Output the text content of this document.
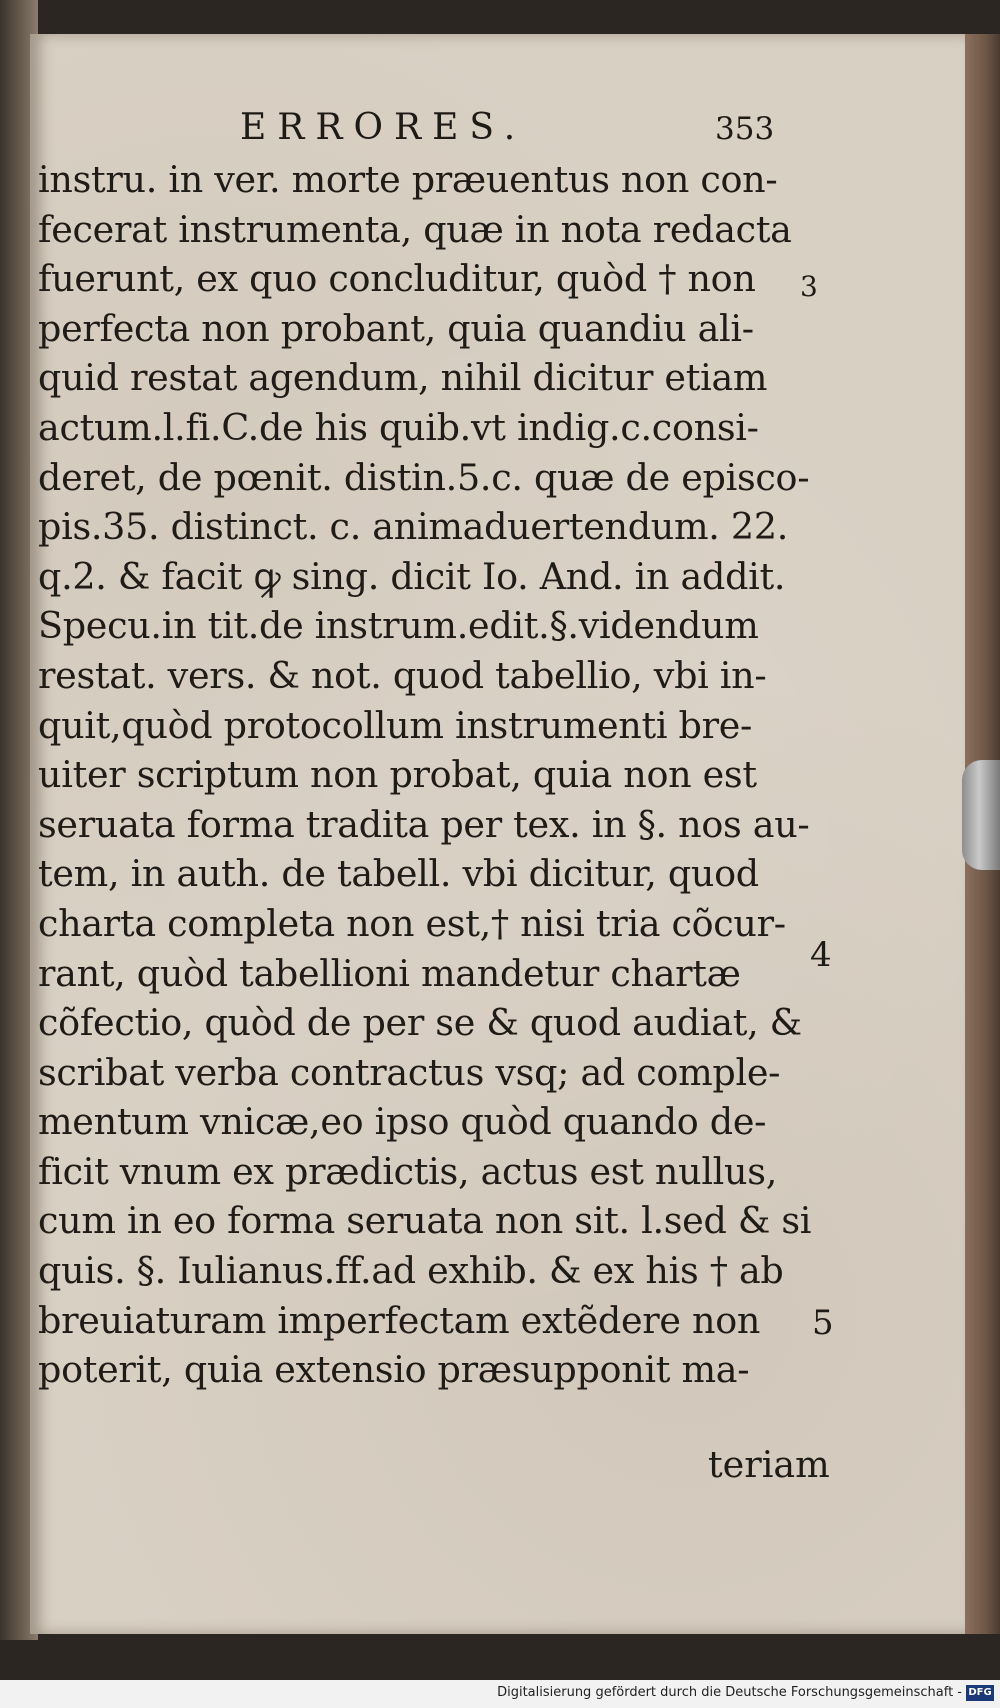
ERRORES.	353
instru. in ver. morte præuentus non con-
fecerat instrumenta, quæ in nota redacta
fuerunt, ex quo concluditur, quòd † non
perfecta non probant, quia quandiu ali-
quid restat agendum, nihil dicitur etiam
actum.l.fi.C.de his quib.vt indig.c.consi-
deret, de pœnit. distin.5.c. quæ de episco-
pis.35. distinct. c. animaduertendum. 22.
q.2. & facit ꝙ sing. dicit Io. And. in addit.
Specu.in tit.de instrum.edit.§.videndum
restat. vers. & not. quod tabellio, vbi in-
quit,quòd protocollum instrumenti bre-
uiter scriptum non probat, quia non est
seruata forma tradita per tex. in §. nos au-
tem, in auth. de tabell. vbi dicitur, quod
charta completa non est,† nisi tria cõcur-
rant, quòd tabellioni mandetur chartæ
cõfectio, quòd de per se & quod audiat, &
scribat verba contractus vsq; ad comple-
mentum vnicæ,eo ipso quòd quando de-
ficit vnum ex prædictis, actus est nullus,
cum in eo forma seruata non sit. l.sed & si
quis. §. Iulianus.ff.ad exhib. & ex his † ab
breuiaturam imperfectam extẽdere non
poterit, quia extensio præsupponit ma-
teriam
3
4
5
Digitalisierung gefördert durch die Deutsche Forschungsgemeinschaft - DFG
